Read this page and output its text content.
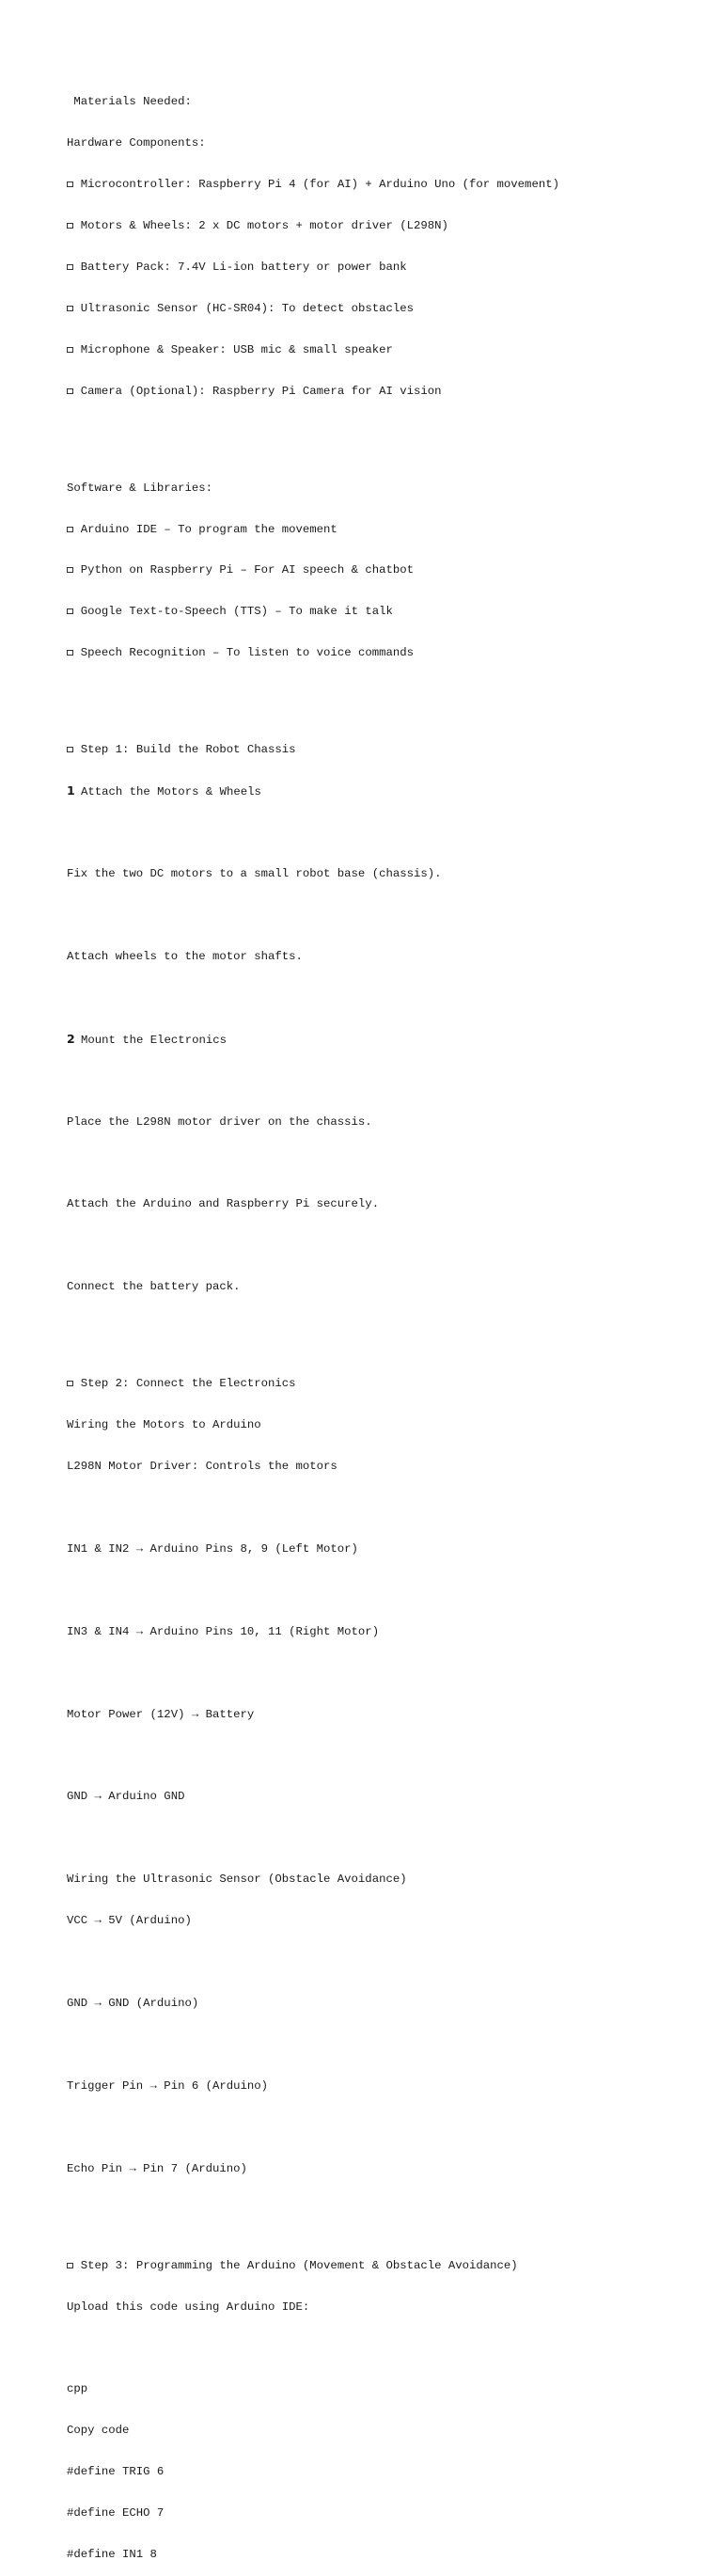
Materials Needed:

Hardware Components:

Microcontroller: Raspberry Pi 4 (for AI) + Arduino Uno (for movement)

Motors & Wheels: 2 x DC motors + motor driver (L298N)

Battery Pack: 7.4V Li-ion battery or power bank

Ultrasonic Sensor (HC-SR04): To detect obstacles

Microphone & Speaker: USB mic & small speaker

Camera (Optional): Raspberry Pi Camera for AI vision

Software & Libraries:

Arduino IDE – To program the movement

Python on Raspberry Pi – For AI speech & chatbot

Google Text-to-Speech (TTS) – To make it talk

Speech Recognition – To listen to voice commands

Step 1: Build the Robot Chassis

1 Attach the Motors & Wheels

Fix the two DC motors to a small robot base (chassis).

Attach wheels to the motor shafts.

2 Mount the Electronics

Place the L298N motor driver on the chassis.

Attach the Arduino and Raspberry Pi securely.

Connect the battery pack.

Step 2: Connect the Electronics

Wiring the Motors to Arduino

L298N Motor Driver: Controls the motors

IN1 & IN2 → Arduino Pins 8, 9 (Left Motor)

IN3 & IN4 → Arduino Pins 10, 11 (Right Motor)

Motor Power (12V) → Battery

GND → Arduino GND

Wiring the Ultrasonic Sensor (Obstacle Avoidance)

VCC → 5V (Arduino)

GND → GND (Arduino)

Trigger Pin → Pin 6 (Arduino)

Echo Pin → Pin 7 (Arduino)

Step 3: Programming the Arduino (Movement & Obstacle Avoidance)

Upload this code using Arduino IDE:

cpp

Copy code

#define TRIG 6

#define ECHO 7

#define IN1 8
